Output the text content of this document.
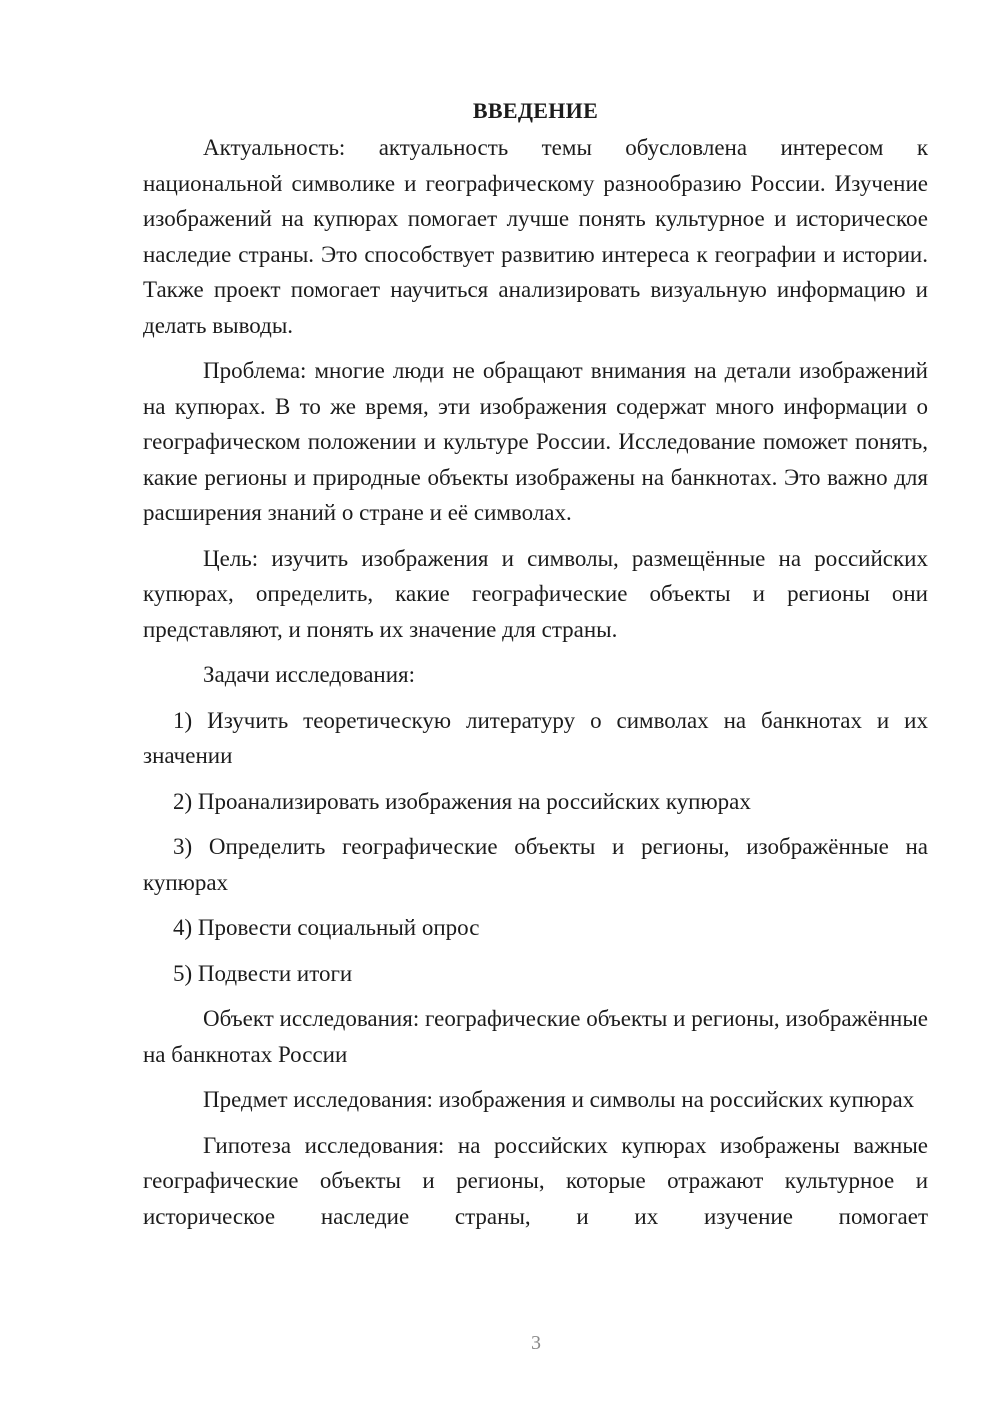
ВВЕДЕНИЕ

Актуальность: актуальность темы обусловлена интересом к национальной символике и географическому разнообразию России. Изучение изображений на купюрах помогает лучше понять культурное и историческое наследие страны. Это способствует развитию интереса к географии и истории. Также проект помогает научиться анализировать визуальную информацию и делать выводы.

Проблема: многие люди не обращают внимания на детали изображений на купюрах. В то же время, эти изображения содержат много информации о географическом положении и культуре России. Исследование поможет понять, какие регионы и природные объекты изображены на банкнотах. Это важно для расширения знаний о стране и её символах.

Цель: изучить изображения и символы, размещённые на российских купюрах, определить, какие географические объекты и регионы они представляют, и понять их значение для страны.

Задачи исследования:

1) Изучить теоретическую литературу о символах на банкнотах и их значении

2) Проанализировать изображения на российских купюрах

3) Определить географические объекты и регионы, изображённые на купюрах

4) Провести социальный опрос

5) Подвести итоги

Объект исследования: географические объекты и регионы, изображённые на банкнотах России

Предмет исследования: изображения и символы на российских купюрах

Гипотеза исследования: на российских купюрах изображены важные географические объекты и регионы, которые отражают культурное и историческое наследие страны, и их изучение помогает

3
